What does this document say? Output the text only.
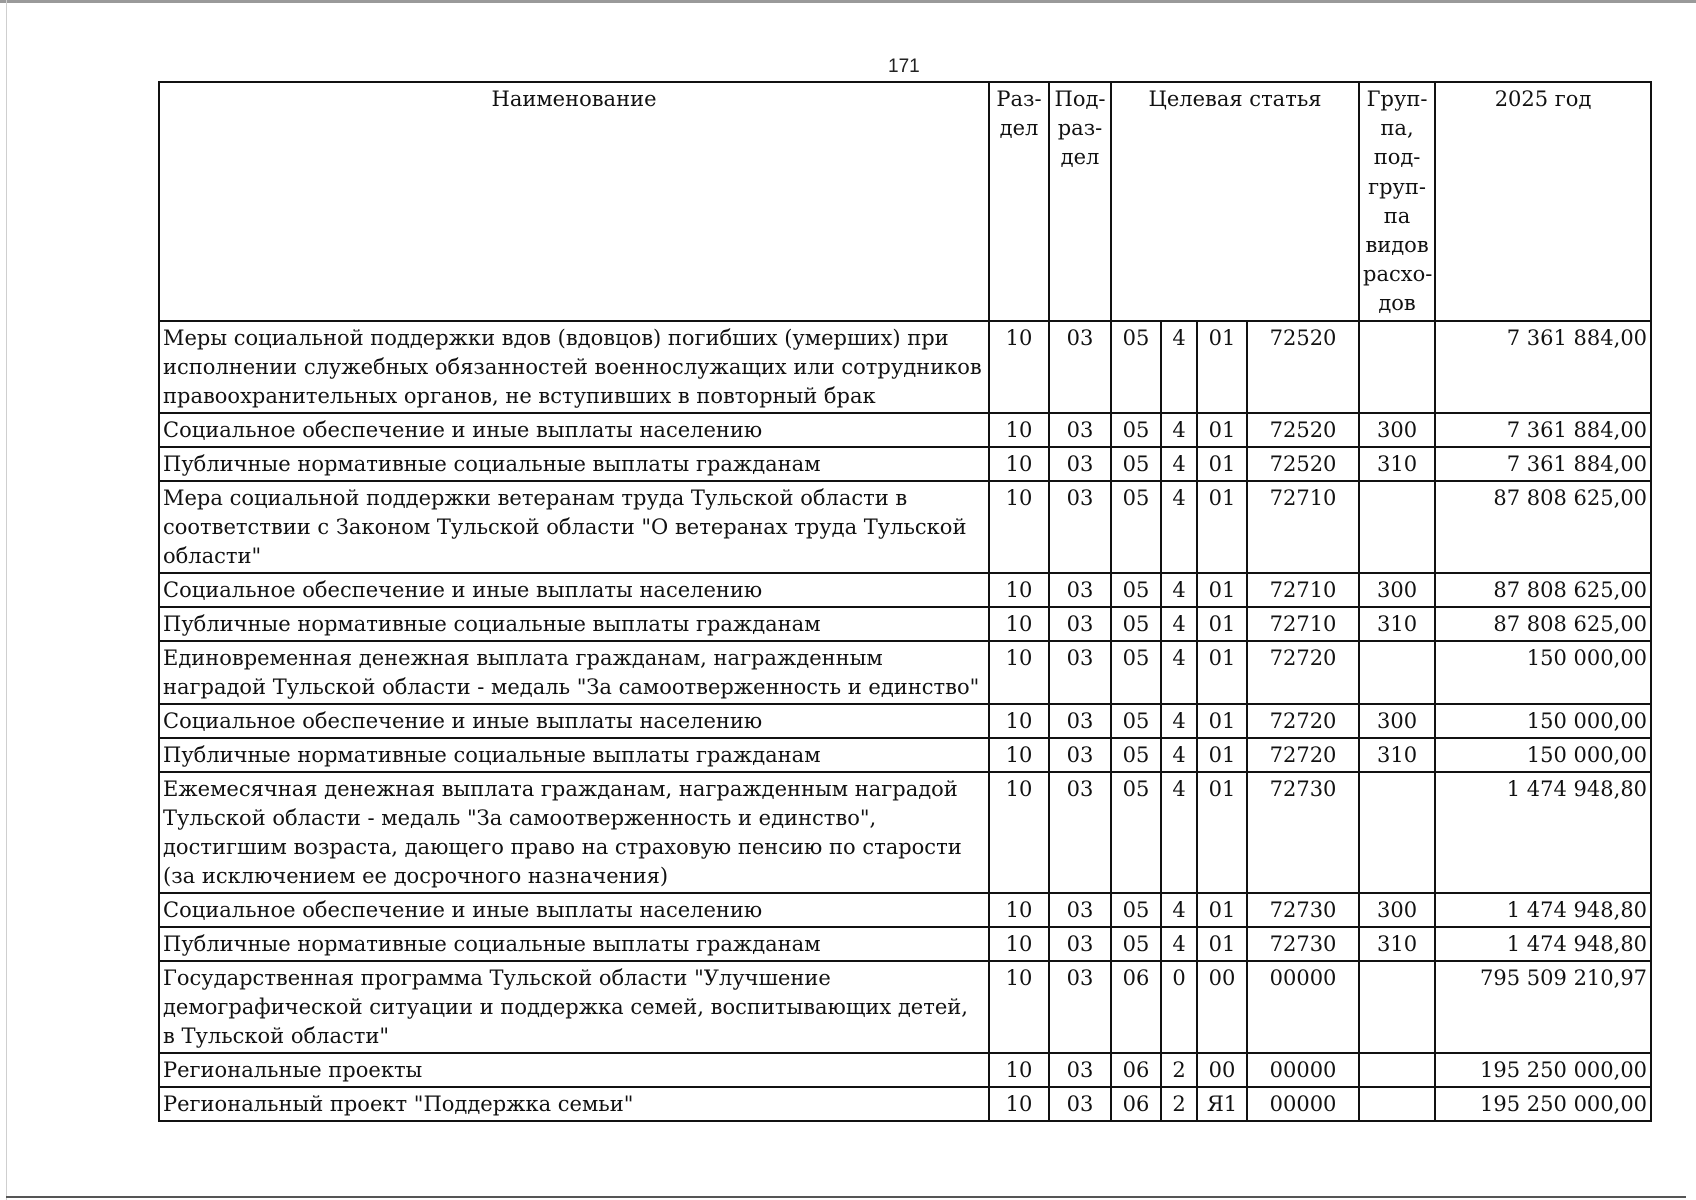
171
Наименование	Раз-дел	Под-раз-дел	Целевая статья				Груп-па, под-груп-па видов расхо-дов	2025 год
Меры социальной поддержки вдов (вдовцов) погибших (умерших) при исполнении служебных обязанностей военнослужащих или сотрудников правоохранительных органов, не вступивших в повторный брак	10	03	05	4	01	72520		7 361 884,00
Социальное обеспечение и иные выплаты населению	10	03	05	4	01	72520	300	7 361 884,00
Публичные нормативные социальные выплаты гражданам	10	03	05	4	01	72520	310	7 361 884,00
Мера социальной поддержки ветеранам труда Тульской области в соответствии с Законом Тульской области "О ветеранах труда Тульской области"	10	03	05	4	01	72710		87 808 625,00
Социальное обеспечение и иные выплаты населению	10	03	05	4	01	72710	300	87 808 625,00
Публичные нормативные социальные выплаты гражданам	10	03	05	4	01	72710	310	87 808 625,00
Единовременная денежная выплата гражданам, награжденным наградой Тульской области - медаль "За самоотверженность и единство"	10	03	05	4	01	72720		150 000,00
Социальное обеспечение и иные выплаты населению	10	03	05	4	01	72720	300	150 000,00
Публичные нормативные социальные выплаты гражданам	10	03	05	4	01	72720	310	150 000,00
Ежемесячная денежная выплата гражданам, награжденным наградой Тульской области - медаль "За самоотверженность и единство", достигшим возраста, дающего право на страховую пенсию по старости (за исключением ее досрочного назначения)	10	03	05	4	01	72730		1 474 948,80
Социальное обеспечение и иные выплаты населению	10	03	05	4	01	72730	300	1 474 948,80
Публичные нормативные социальные выплаты гражданам	10	03	05	4	01	72730	310	1 474 948,80
Государственная программа Тульской области "Улучшение демографической ситуации и поддержка семей, воспитывающих детей, в Тульской области"	10	03	06	0	00	00000		795 509 210,97
Региональные проекты	10	03	06	2	00	00000		195 250 000,00
Региональный проект "Поддержка семьи"	10	03	06	2	Я1	00000		195 250 000,00
